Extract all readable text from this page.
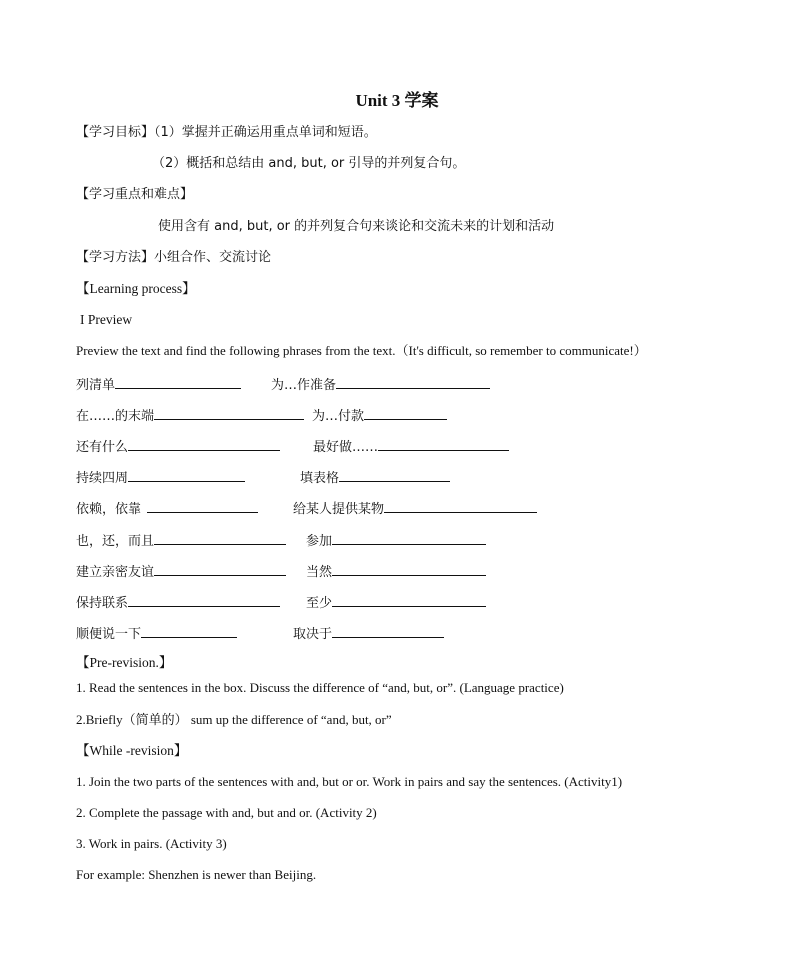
Unit 3 学案
【学习目标】（1）掌握并正确运用重点单词和短语。
（2）概括和总结由 and, but, or 引导的并列复合句。
【学习重点和难点】
使用含有 and, but, or 的并列复合句来谈论和交流未来的计划和活动
【学习方法】小组合作、交流讨论
【Learning process】
I Preview
Preview the text and find the following phrases from the text.（It's difficult, so remember to communicate!）
列清单	为…作准备
在……的末端	为…付款
还有什么	最好做……
持续四周	填表格
依赖，依靠	给某人提供某物
也，还，而且	参加
建立亲密友谊	当然
保持联系	至少
顺便说一下	取决于
【Pre-revision.】
1. Read the sentences in the box. Discuss the difference of “and, but, or”. (Language practice)
2.Briefly（简单的） sum up the difference of “and, but, or”
【While -revision】
1. Join the two parts of the sentences with and, but or or. Work in pairs and say the sentences. (Activity1)
2. Complete the passage with and, but and or. (Activity 2)
3. Work in pairs. (Activity 3)
For example: Shenzhen is newer than Beijing.
